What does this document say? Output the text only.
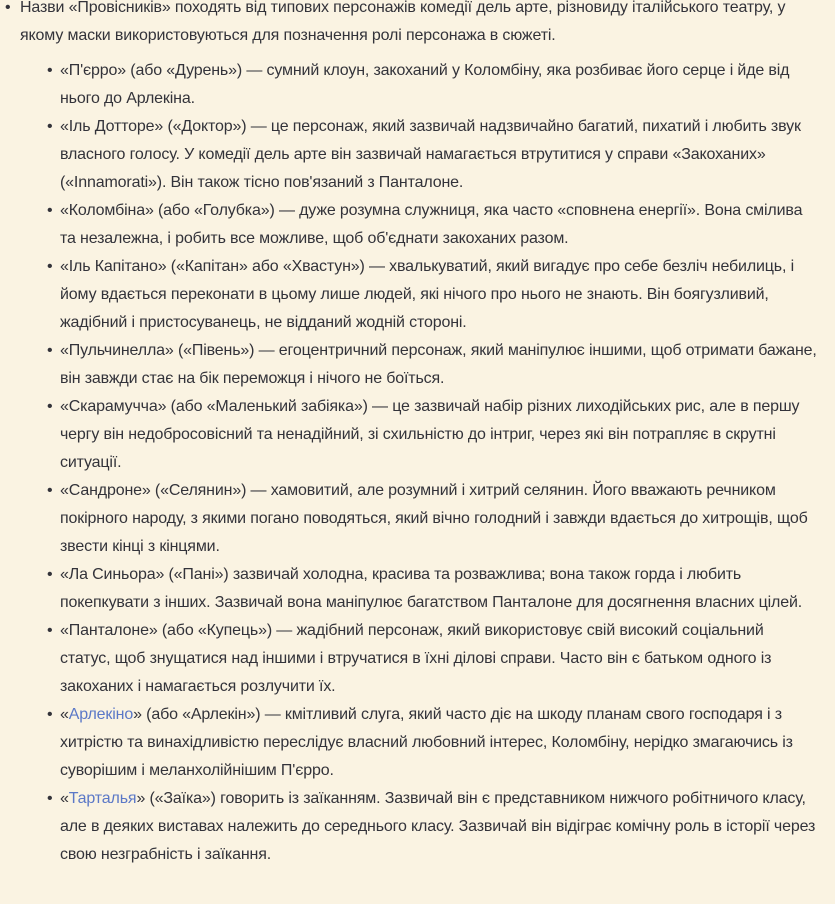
• Назви «Провісників» походять від типових персонажів комедії дель арте, різновиду італійського театру, у якому маски використовуються для позначення ролі персонажа в сюжеті.
• «П'єрро» (або «Дурень») — сумний клоун, закоханий у Коломбіну, яка розбиває його серце і йде від нього до Арлекіна.
• «Іль Дотторе» («Доктор») — це персонаж, який зазвичай надзвичайно багатий, пихатий і любить звук власного голосу. У комедії дель арте він зазвичай намагається втрутитися у справи «Закоханих» («Innamorati»). Він також тісно пов'язаний з Панталоне.
• «Коломбіна» (або «Голубка») — дуже розумна служниця, яка часто «сповнена енергії». Вона смілива та незалежна, і робить все можливе, щоб об'єднати закоханих разом.
• «Іль Капітано» («Капітан» або «Хвастун») — хвалькуватий, який вигадує про себе безліч небилиць, і йому вдається переконати в цьому лише людей, які нічого про нього не знають. Він боягузливий, жадібний і пристосуванець, не відданий жодній стороні.
• «Пульчинелла» («Півень») — егоцентричний персонаж, який маніпулює іншими, щоб отримати бажане, він завжди стає на бік переможця і нічого не боїться.
• «Скарамучча» (або «Маленький забіяка») — це зазвичай набір різних лиходійських рис, але в першу чергу він недобросовісний та ненадійний, зі схильністю до інтриг, через які він потрапляє в скрутні ситуації.
• «Сандроне» («Селянин») — хамовитий, але розумний і хитрий селянин. Його вважають речником покірного народу, з якими погано поводяться, який вічно голодний і завжди вдається до хитрощів, щоб звести кінці з кінцями.
• «Ла Синьора» («Пані») зазвичай холодна, красива та розважлива; вона також горда і любить покепкувати з інших. Зазвичай вона маніпулює багатством Панталоне для досягнення власних цілей.
• «Панталоне» (або «Купець») — жадібний персонаж, який використовує свій високий соціальний статус, щоб знущатися над іншими і втручатися в їхні ділові справи. Часто він є батьком одного із закоханих і намагається розлучити їх.
• «Арлекіно» (або «Арлекін») — кмітливий слуга, який часто діє на шкоду планам свого господаря і з хитрістю та винахідливістю переслідує власний любовний інтерес, Коломбіну, нерідко змагаючись із суворішим і меланхолійнішим П'єрро.
• «Тарталья» («Заїка») говорить із заїканням. Зазвичай він є представником нижчого робітничого класу, але в деяких виставах належить до середнього класу. Зазвичай він відіграє комічну роль в історії через свою незграбність і заїкання.
